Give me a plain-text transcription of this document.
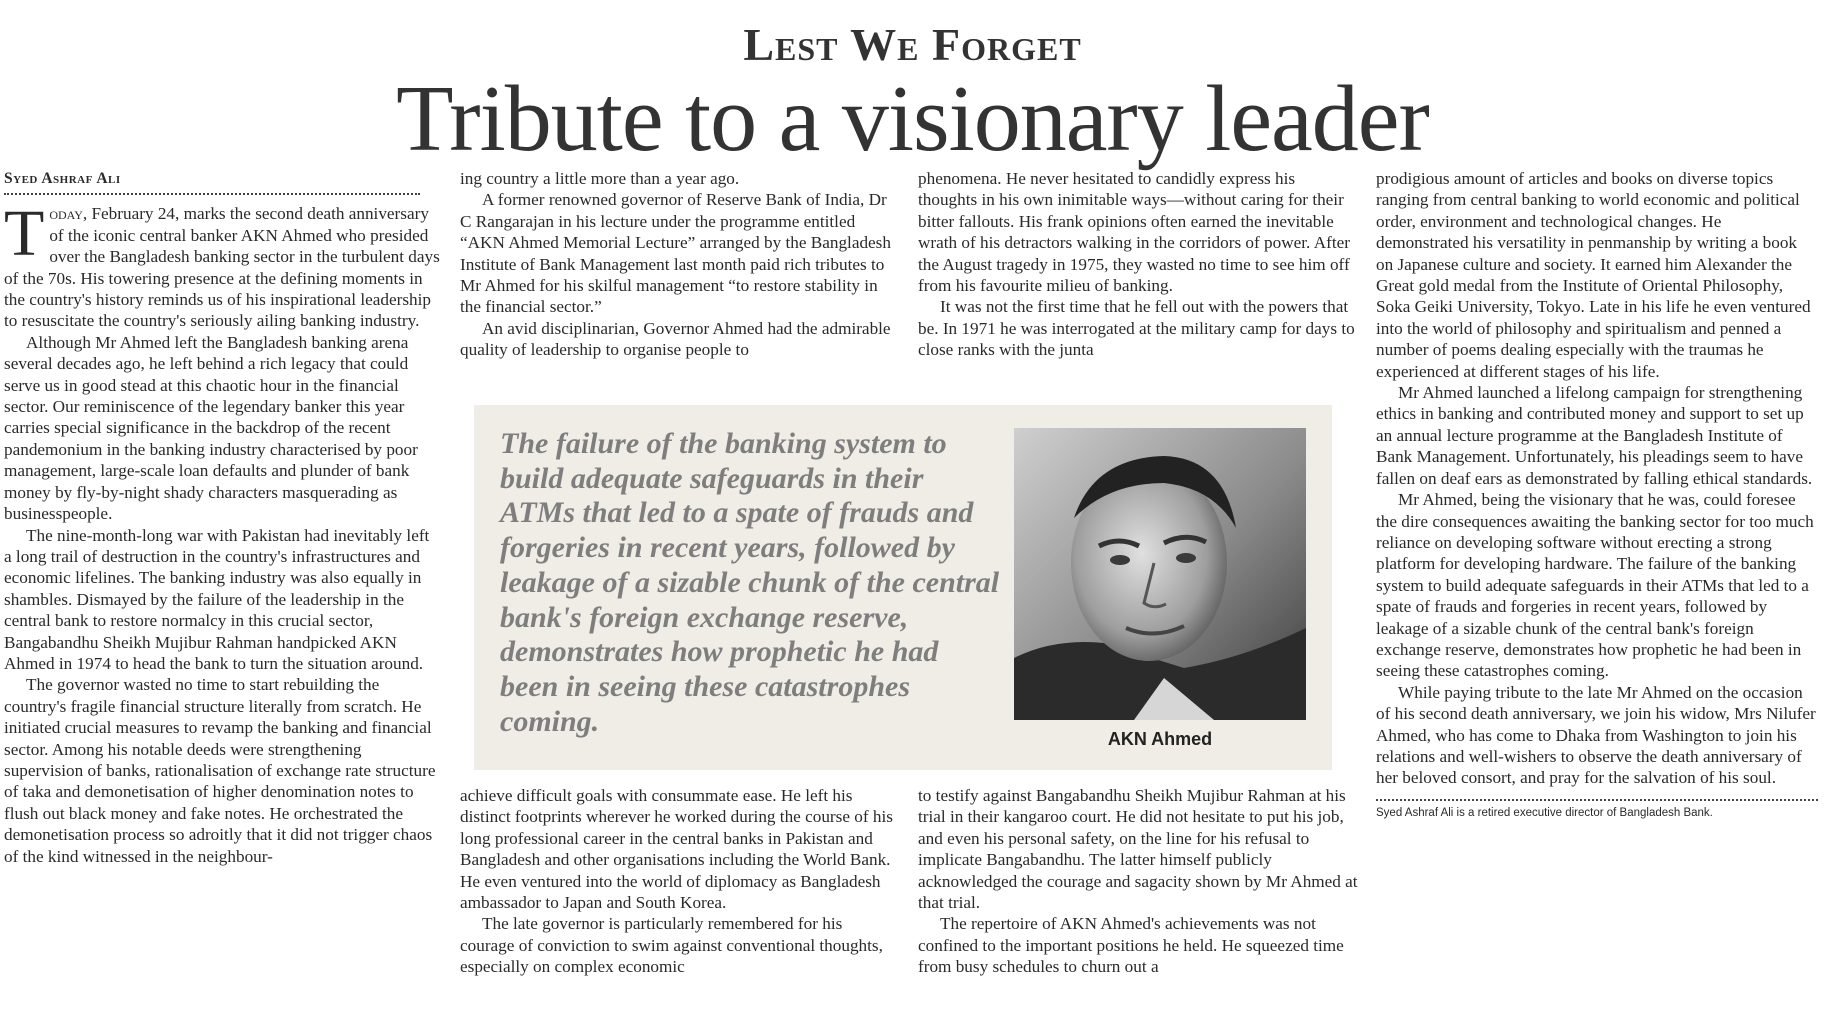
Lest We Forget
Tribute to a visionary leader
Syed Ashraf Ali

Today, February 24, marks the second death anniversary of the iconic central banker AKN Ahmed who presided over the Bangladesh banking sector in the turbulent days of the 70s. His towering presence at the defining moments in the country's history reminds us of his inspirational leadership to resuscitate the country's seriously ailing banking industry.

Although Mr Ahmed left the Bangladesh banking arena several decades ago, he left behind a rich legacy that could serve us in good stead at this chaotic hour in the financial sector. Our reminiscence of the legendary banker this year carries special significance in the backdrop of the recent pandemonium in the banking industry characterised by poor management, large-scale loan defaults and plunder of bank money by fly-by-night shady characters masquerading as businesspeople.

The nine-month-long war with Pakistan had inevitably left a long trail of destruction in the country's infrastructures and economic lifelines. The banking industry was also equally in shambles. Dismayed by the failure of the leadership in the central bank to restore normalcy in this crucial sector, Bangabandhu Sheikh Mujibur Rahman handpicked AKN Ahmed in 1974 to head the bank to turn the situation around.

The governor wasted no time to start rebuilding the country's fragile financial structure literally from scratch. He initiated crucial measures to revamp the banking and financial sector. Among his notable deeds were strengthening supervision of banks, rationalisation of exchange rate structure of taka and demonetisation of higher denomination notes to flush out black money and fake notes. He orchestrated the demonetisation process so adroitly that it did not trigger chaos of the kind witnessed in the neighbour-

ing country a little more than a year ago.

A former renowned governor of Reserve Bank of India, Dr C Rangarajan in his lecture under the programme entitled “AKN Ahmed Memorial Lecture” arranged by the Bangladesh Institute of Bank Management last month paid rich tributes to Mr Ahmed for his skilful management “to restore stability in the financial sector.”

An avid disciplinarian, Governor Ahmed had the admirable quality of leadership to organise people to

phenomena. He never hesitated to candidly express his thoughts in his own inimitable ways—without caring for their bitter fallouts. His frank opinions often earned the inevitable wrath of his detractors walking in the corridors of power. After the August tragedy in 1975, they wasted no time to see him off from his favourite milieu of banking.

It was not the first time that he fell out with the powers that be. In 1971 he was interrogated at the military camp for days to close ranks with the junta

The failure of the banking system to build adequate safeguards in their ATMs that led to a spate of frauds and forgeries in recent years, followed by leakage of a sizable chunk of the central bank's foreign exchange reserve, demonstrates how prophetic he had been in seeing these catastrophes coming.
AKN Ahmed

achieve difficult goals with consummate ease. He left his distinct footprints wherever he worked during the course of his long professional career in the central banks in Pakistan and Bangladesh and other organisations including the World Bank. He even ventured into the world of diplomacy as Bangladesh ambassador to Japan and South Korea.

The late governor is particularly remembered for his courage of conviction to swim against conventional thoughts, especially on complex economic

to testify against Bangabandhu Sheikh Mujibur Rahman at his trial in their kangaroo court. He did not hesitate to put his job, and even his personal safety, on the line for his refusal to implicate Bangabandhu. The latter himself publicly acknowledged the courage and sagacity shown by Mr Ahmed at that trial.

The repertoire of AKN Ahmed's achievements was not confined to the important positions he held. He squeezed time from busy schedules to churn out a

prodigious amount of articles and books on diverse topics ranging from central banking to world economic and political order, environment and technological changes. He demonstrated his versatility in penmanship by writing a book on Japanese culture and society. It earned him Alexander the Great gold medal from the Institute of Oriental Philosophy, Soka Geiki University, Tokyo. Late in his life he even ventured into the world of philosophy and spiritualism and penned a number of poems dealing especially with the traumas he experienced at different stages of his life.

Mr Ahmed launched a lifelong campaign for strengthening ethics in banking and contributed money and support to set up an annual lecture programme at the Bangladesh Institute of Bank Management. Unfortunately, his pleadings seem to have fallen on deaf ears as demonstrated by falling ethical standards.

Mr Ahmed, being the visionary that he was, could foresee the dire consequences awaiting the banking sector for too much reliance on developing software without erecting a strong platform for developing hardware. The failure of the banking system to build adequate safeguards in their ATMs that led to a spate of frauds and forgeries in recent years, followed by leakage of a sizable chunk of the central bank's foreign exchange reserve, demonstrates how prophetic he had been in seeing these catastrophes coming.

While paying tribute to the late Mr Ahmed on the occasion of his second death anniversary, we join his widow, Mrs Nilufer Ahmed, who has come to Dhaka from Washington to join his relations and well-wishers to observe the death anniversary of her beloved consort, and pray for the salvation of his soul.

Syed Ashraf Ali is a retired executive director of Bangladesh Bank.
